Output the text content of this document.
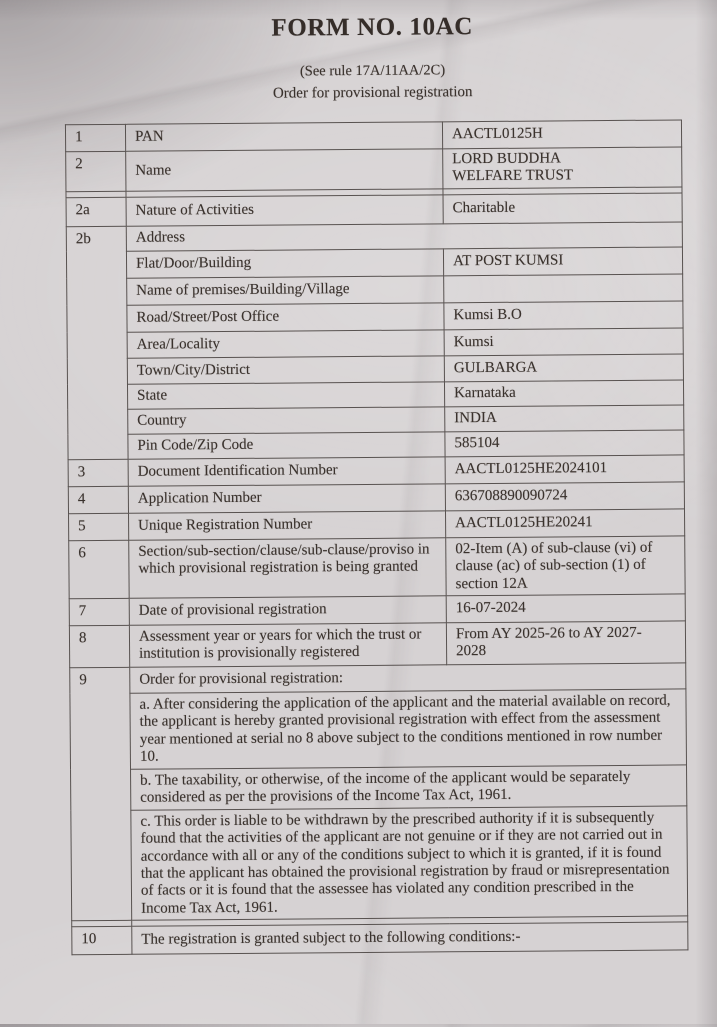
FORM NO. 10AC
(See rule 17A/11AA/2C)
Order for provisional registration
1	PAN	AACTL0125H
2	Name	LORD BUDDHA WELFARE TRUST

2a	Nature of Activities	Charitable
2b	Address	
	Flat/Door/Building	AT POST KUMSI
	Name of premises/Building/Village	
	Road/Street/Post Office	Kumsi B.O
	Area/Locality	Kumsi
	Town/City/District	GULBARGA
	State	Karnataka
	Country	INDIA
	Pin Code/Zip Code	585104
3	Document Identification Number	AACTL0125HE2024101
4	Application Number	636708890090724
5	Unique Registration Number	AACTL0125HE20241
6	Section/sub-section/clause/sub-clause/proviso in which provisional registration is being granted	02-Item (A) of sub-clause (vi) of clause (ac) of sub-section (1) of section 12A
7	Date of provisional registration	16-07-2024
8	Assessment year or years for which the trust or institution is provisionally registered	From AY 2025-26 to AY 2027-2028
9	Order for provisional registration:	

	a. After considering the application of the applicant and the material available on record, the applicant is hereby granted provisional registration with effect from the assessment year mentioned at serial no 8 above subject to the conditions mentioned in row number 10.	

	b. The taxability, or otherwise, of the income of the applicant would be separately considered as per the provisions of the Income Tax Act, 1961.	

	c. This order is liable to be withdrawn by the prescribed authority if it is subsequently found that the activities of the applicant are not genuine or if they are not carried out in accordance with all or any of the conditions subject to which it is granted, if it is found that the applicant has obtained the provisional registration by fraud or misrepresentation of facts or it is found that the assessee has violated any condition prescribed in the Income Tax Act, 1961.	

10	The registration is granted subject to the following conditions:-	
